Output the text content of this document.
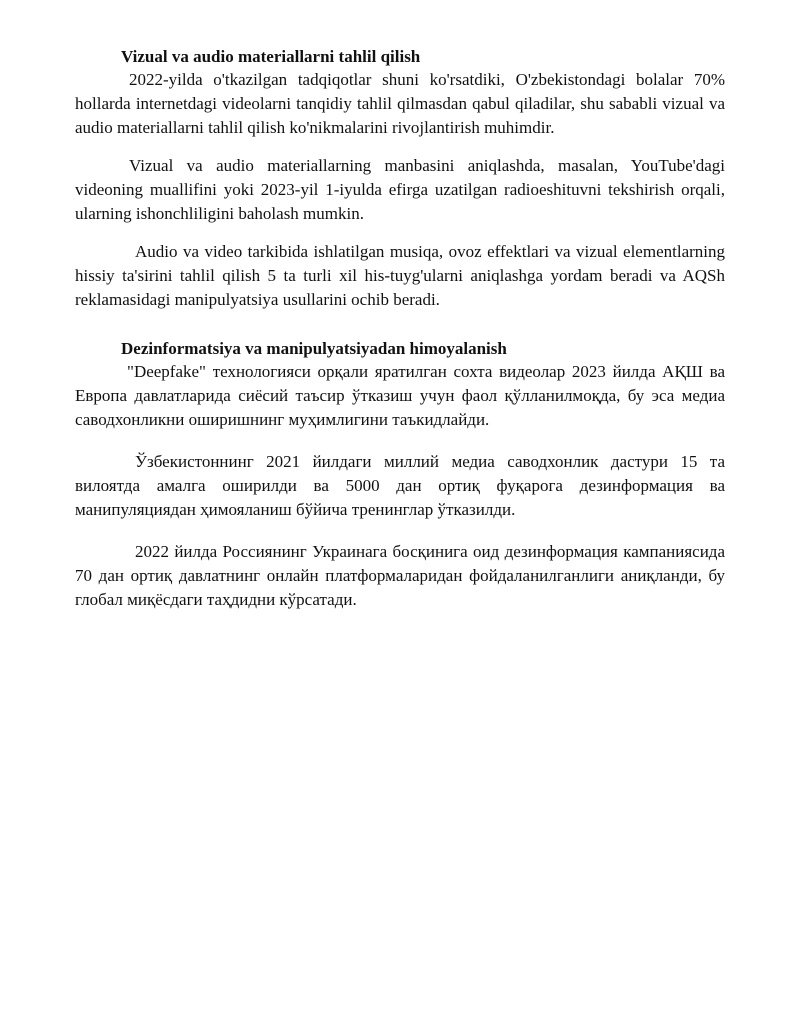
Vizual va audio materiallarni tahlil qilish

2022-yilda o'tkazilgan tadqiqotlar shuni ko'rsatdiki, O'zbekistondagi bolalar 70% hollarda internetdagi videolarni tanqidiy tahlil qilmasdan qabul qiladilar, shu sababli vizual va audio materiallarni tahlil qilish ko'nikmalarini rivojlantirish muhimdir.

Vizual va audio materiallarning manbasini aniqlashda, masalan, YouTube'dagi videoning muallifini yoki 2023-yil 1-iyulda efirga uzatilgan radioeshituvni tekshirish orqali, ularning ishonchliligini baholash mumkin.

Audio va video tarkibida ishlatilgan musiqa, ovoz effektlari va vizual elementlarning hissiy ta'sirini tahlil qilish 5 ta turli xil his-tuyg'ularni aniqlashga yordam beradi va AQSh reklamasidagi manipulyatsiya usullarini ochib beradi.

Dezinformatsiya va manipulyatsiyadan himoyalanish

"Deepfake" технологияси орқали яратилган сохта видеолар 2023 йилда АҚШ ва Европа давлатларида сиёсий таъсир ўтказиш учун фаол қўлланилмоқда, бу эса медиа саводхонликни оширишнинг муҳимлигини таъкидлайди.

Ўзбекистоннинг 2021 йилдаги миллий медиа саводхонлик дастури 15 та вилоятда амалга оширилди ва 5000 дан ортиқ фуқарога дезинформация ва манипуляциядан ҳимояланиш бўйича тренинглар ўтказилди.

2022 йилда Россиянинг Украинага босқинига оид дезинформация кампаниясида 70 дан ортиқ давлатнинг онлайн платформаларидан фойдаланилганлиги аниқланди, бу глобал миқёсдаги таҳдидни кўрсатади.
